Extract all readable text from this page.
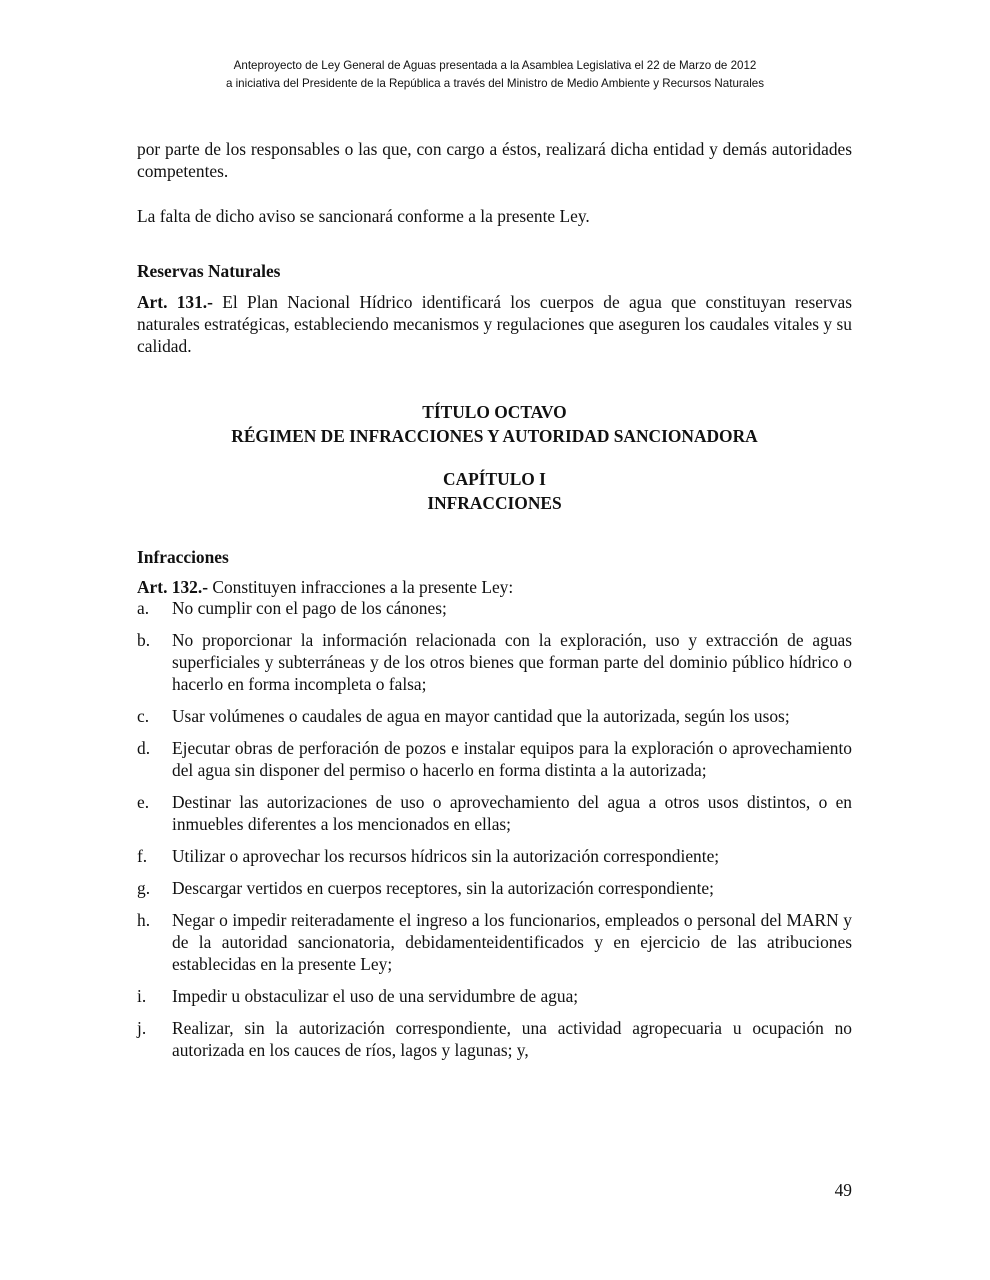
Anteproyecto de Ley General de Aguas presentada a la Asamblea Legislativa el 22 de Marzo de 2012
a iniciativa del Presidente de la República a través del Ministro de Medio Ambiente y Recursos Naturales

por parte de los responsables o las que, con cargo a éstos, realizará dicha entidad y demás autoridades competentes.

La falta de dicho aviso se sancionará conforme a la presente Ley.

Reservas Naturales

Art. 131.- El Plan Nacional Hídrico identificará los cuerpos de agua que constituyan reservas naturales estratégicas, estableciendo mecanismos y regulaciones que aseguren los caudales vitales y su calidad.

TÍTULO OCTAVO
RÉGIMEN DE INFRACCIONES Y AUTORIDAD SANCIONADORA
CAPÍTULO I
INFRACCIONES

Infracciones

Art. 132.- Constituyen infracciones a la presente Ley:

a.	No cumplir con el pago de los cánones;
b.	No proporcionar la información relacionada con la exploración, uso y extracción de aguas superficiales y subterráneas y de los otros bienes que forman parte del dominio público hídrico o hacerlo en forma incompleta o falsa;
c.	Usar volúmenes o caudales de agua en mayor cantidad que la autorizada, según los usos;
d.	Ejecutar obras de perforación de pozos e instalar equipos para la exploración o aprovechamiento del agua sin disponer del permiso o hacerlo en forma distinta a la autorizada;
e.	Destinar las autorizaciones de uso o aprovechamiento del agua a otros usos distintos, o en inmuebles diferentes a los mencionados en ellas;
f.	Utilizar o aprovechar los recursos hídricos sin la autorización correspondiente;
g.	Descargar vertidos en cuerpos receptores, sin la autorización correspondiente;
h.	Negar o impedir reiteradamente el ingreso a los funcionarios, empleados o personal del MARN y de la autoridad sancionatoria, debidamenteidentificados y en ejercicio de las atribuciones establecidas en la presente Ley;
i.	Impedir u obstaculizar el uso de una servidumbre de agua;
j.	Realizar, sin la autorización correspondiente, una actividad agropecuaria u ocupación no autorizada en los cauces de ríos, lagos y lagunas; y,
49
